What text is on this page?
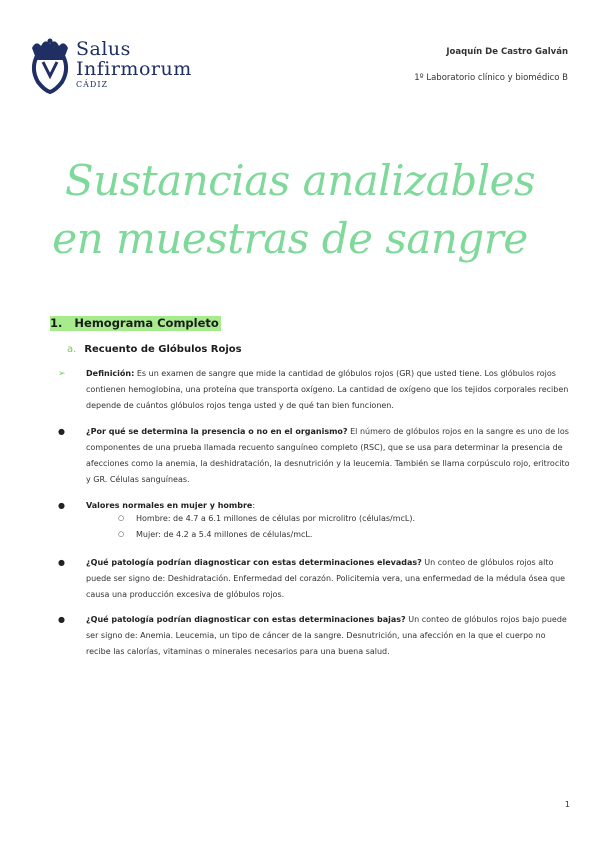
Salus
Infirmorum
CÁDIZ
Joaquín De Castro Galván
1º Laboratorio clínico y biomédico B
Sustancias analizables
en muestras de sangre
1. Hemograma Completo
a. Recuento de Glóbulos Rojos
➢	Definición: Es un examen de sangre que mide la cantidad de glóbulos rojos (GR) que usted tiene. Los glóbulos rojos contienen hemoglobina, una proteína que transporta oxígeno. La cantidad de oxígeno que los tejidos corporales reciben depende de cuántos glóbulos rojos tenga usted y de qué tan bien funcionen.
●	¿Por qué se determina la presencia o no en el organismo? El número de glóbulos rojos en la sangre es uno de los componentes de una prueba llamada recuento sanguíneo completo (RSC), que se usa para determinar la presencia de afecciones como la anemia, la deshidratación, la desnutrición y la leucemia. También se llama corpúsculo rojo, eritrocito y GR. Células sanguíneas.
●	Valores normales en mujer y hombre:
○ Hombre: de 4.7 a 6.1 millones de células por microlitro (células/mcL).
○ Mujer: de 4.2 a 5.4 millones de células/mcL.
●	¿Qué patología podrían diagnosticar con estas determinaciones elevadas? Un conteo de glóbulos rojos alto puede ser signo de: Deshidratación. Enfermedad del corazón. Policitemia vera, una enfermedad de la médula ósea que causa una producción excesiva de glóbulos rojos.
●	¿Qué patología podrían diagnosticar con estas determinaciones bajas? Un conteo de glóbulos rojos bajo puede ser signo de: Anemia. Leucemia, un tipo de cáncer de la sangre. Desnutrición, una afección en la que el cuerpo no recibe las calorías, vitaminas o minerales necesarios para una buena salud.
1
